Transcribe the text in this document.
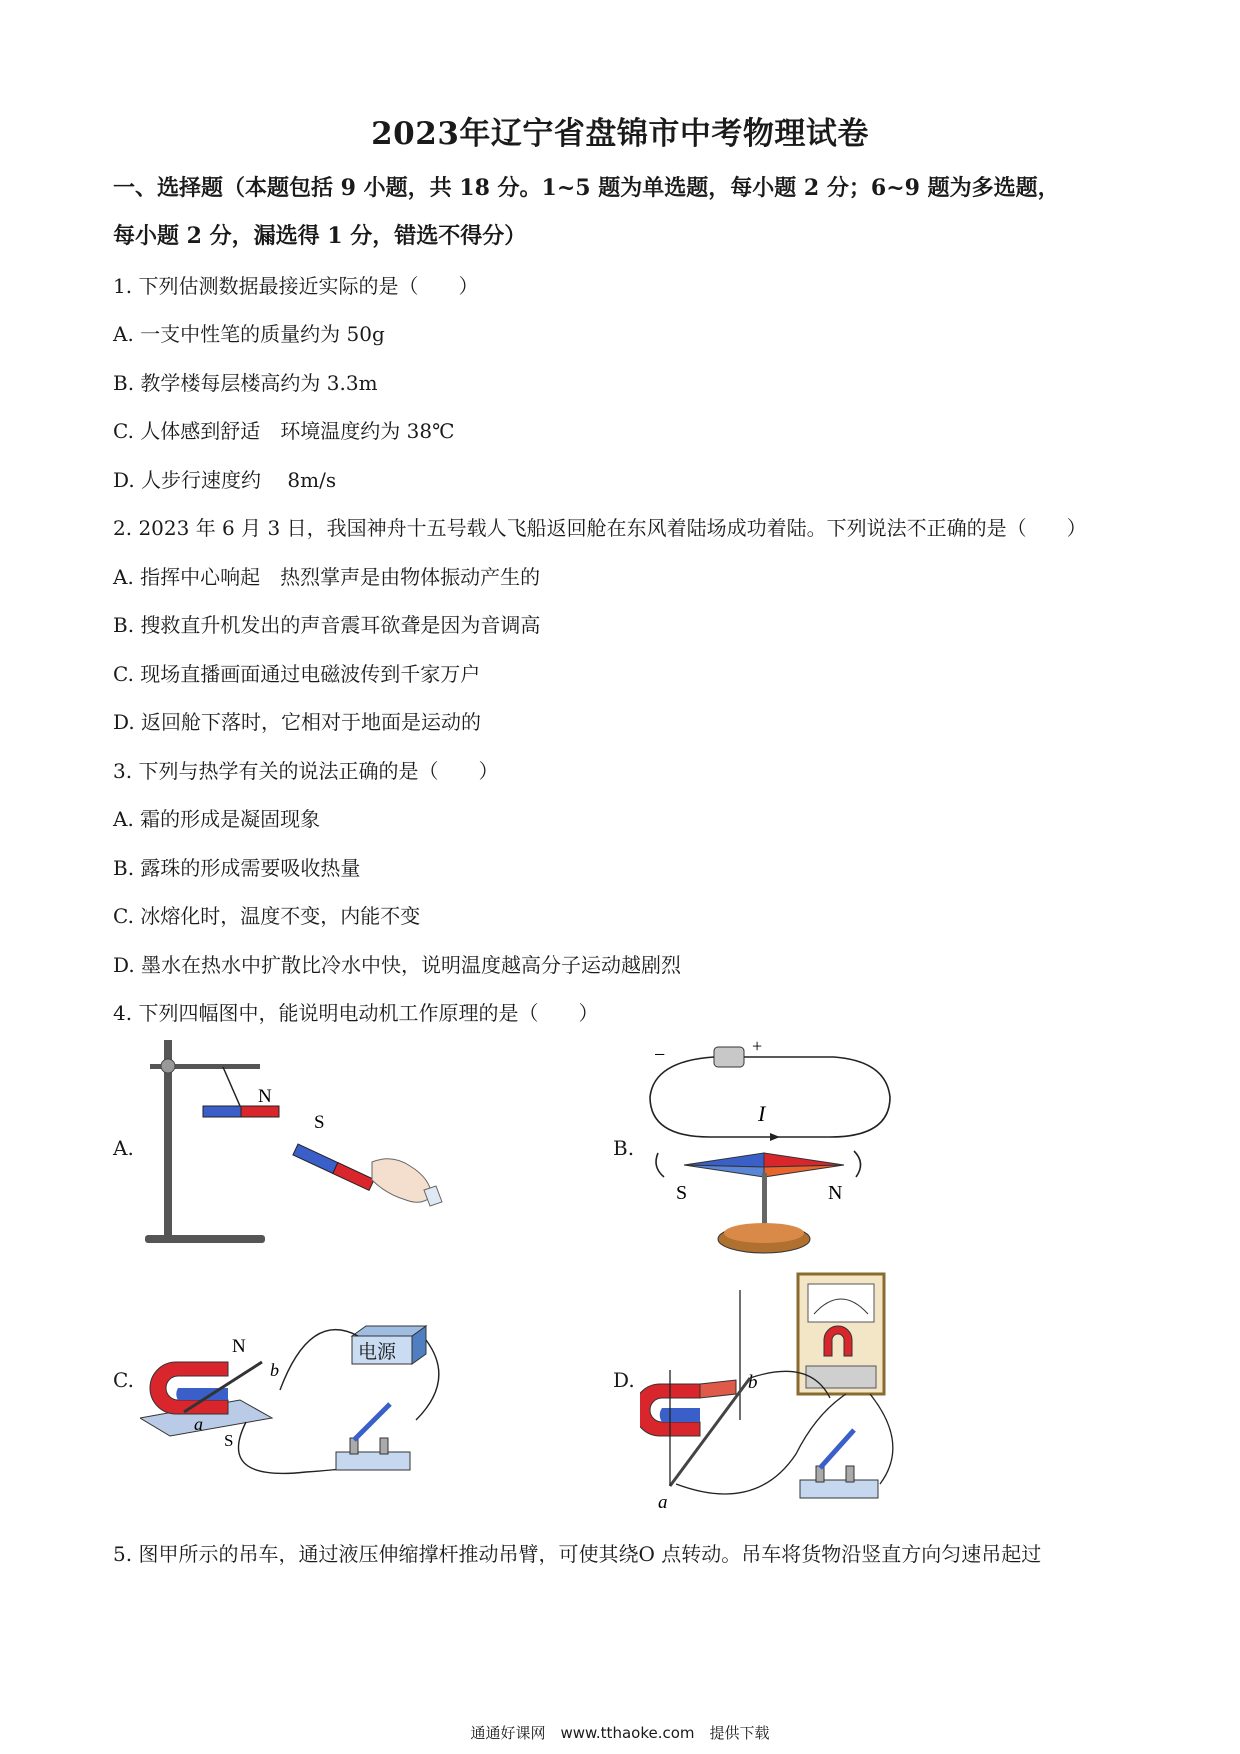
2023年辽宁省盘锦市中考物理试卷
一、选择题（本题包括 9 小题，共 18 分。1~5 题为单选题，每小题 2 分；6~9 题为多选题，
每小题 2 分，漏选得 1 分，错选不得分）
1. 下列估测数据最接近实际的是（　　）
A. 一支中性笔的质量约为 50g
B. 教学楼每层楼高约为 3.3m
C. 人体感到舒适　环境温度约为 38℃
D. 人步行速度约　 8m/s
2. 2023 年 6 月 3 日，我国神舟十五号载人飞船返回舱在东风着陆场成功着陆。下列说法不正确的是（　　）
A. 指挥中心响起　热烈掌声是由物体振动产生的
B. 搜救直升机发出的声音震耳欲聋是因为音调高
C. 现场直播画面通过电磁波传到千家万户
D. 返回舱下落时，它相对于地面是运动的
3. 下列与热学有关的说法正确的是（　　）
A. 霜的形成是凝固现象
B. 露珠的形成需要吸收热量
C. 冰熔化时，温度不变，内能不变
D. 墨水在热水中扩散比冷水中快，说明温度越高分子运动越剧烈
4. 下列四幅图中，能说明电动机工作原理的是（　　）
A.
N
S
B.
−	+
I
S	N
C.
N
S
b
a
电源
D.	b
a
5. 图甲所示的吊车，通过液压伸缩撑杆推动吊臂，可使其绕O 点转动。吊车将货物沿竖直方向匀速吊起过
通通好课网　www.tthaoke.com　提供下载
